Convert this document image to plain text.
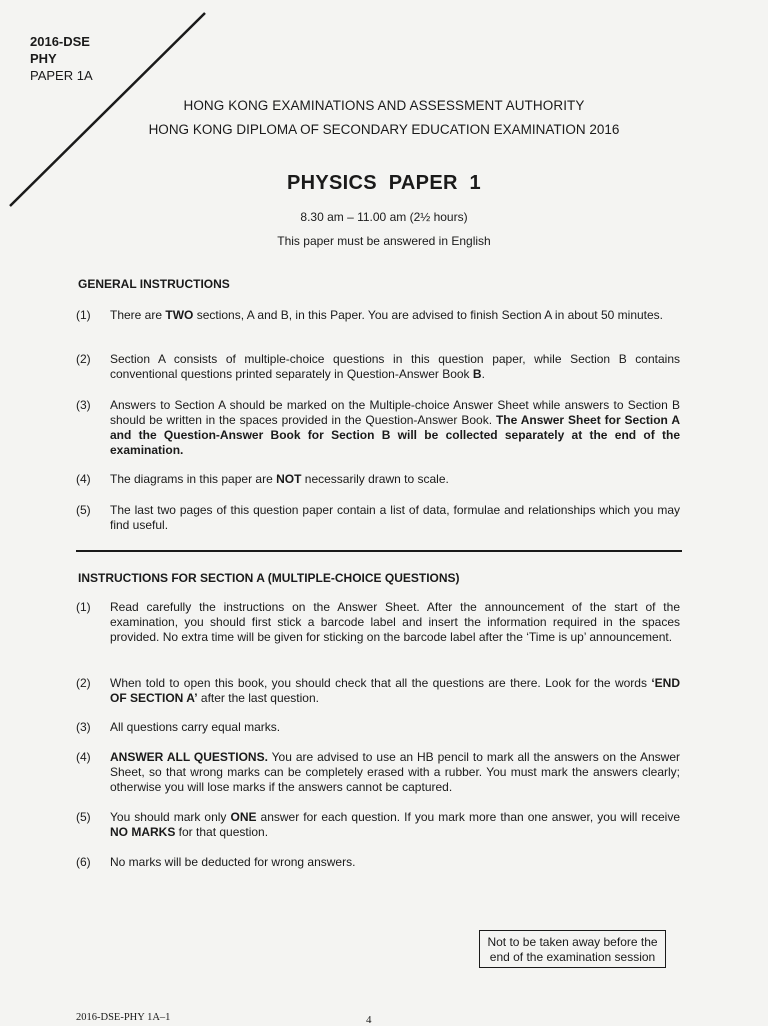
2016-DSE
PHY
PAPER 1A
HONG KONG EXAMINATIONS AND ASSESSMENT AUTHORITY
HONG KONG DIPLOMA OF SECONDARY EDUCATION EXAMINATION 2016
PHYSICS PAPER 1
8.30 am – 11.00 am (2½ hours)
This paper must be answered in English
GENERAL INSTRUCTIONS
(1) There are TWO sections, A and B, in this Paper. You are advised to finish Section A in about 50 minutes.
(2) Section A consists of multiple-choice questions in this question paper, while Section B contains conventional questions printed separately in Question-Answer Book B.
(3) Answers to Section A should be marked on the Multiple-choice Answer Sheet while answers to Section B should be written in the spaces provided in the Question-Answer Book. The Answer Sheet for Section A and the Question-Answer Book for Section B will be collected separately at the end of the examination.
(4) The diagrams in this paper are NOT necessarily drawn to scale.
(5) The last two pages of this question paper contain a list of data, formulae and relationships which you may find useful.
INSTRUCTIONS FOR SECTION A (MULTIPLE-CHOICE QUESTIONS)
(1) Read carefully the instructions on the Answer Sheet. After the announcement of the start of the examination, you should first stick a barcode label and insert the information required in the spaces provided. No extra time will be given for sticking on the barcode label after the ‘Time is up’ announcement.
(2) When told to open this book, you should check that all the questions are there. Look for the words ‘END OF SECTION A’ after the last question.
(3) All questions carry equal marks.
(4) ANSWER ALL QUESTIONS. You are advised to use an HB pencil to mark all the answers on the Answer Sheet, so that wrong marks can be completely erased with a rubber. You must mark the answers clearly; otherwise you will lose marks if the answers cannot be captured.
(5) You should mark only ONE answer for each question. If you mark more than one answer, you will receive NO MARKS for that question.
(6) No marks will be deducted for wrong answers.
Not to be taken away before the
end of the examination session
2016-DSE-PHY 1A–1	4
